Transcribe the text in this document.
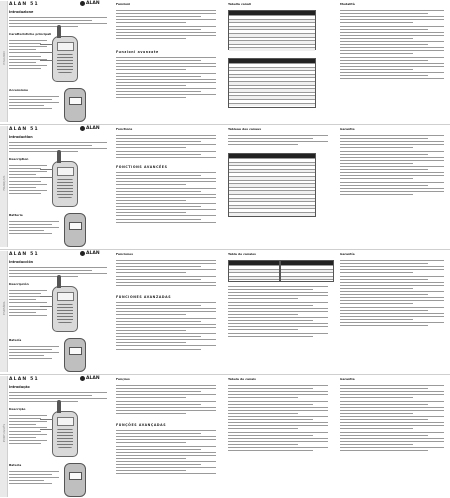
ITALIANO
ALAN 51	ALAN
Introduzione
Caratteristiche principali
Accensione
Funzioni
Funzioni avanzate
Tabella canali	Modalità
FRANÇAIS
ALAN 51	ALAN
Introduction
Description
Batterie
Fonctions
FONCTIONS AVANCÉES
Tableau des canaux	Garantie
ESPAÑOL
ALAN 51	ALAN
Introducción
Descripción
Batería
Funciones
FUNCIONES AVANZADAS
Tabla de canales	Garantía
PORTUGUÊS
ALAN 51	ALAN
Introdução
Descrição
Bateria
Funções
FUNÇÕES AVANÇADAS
Tabela de canais	Garantia
